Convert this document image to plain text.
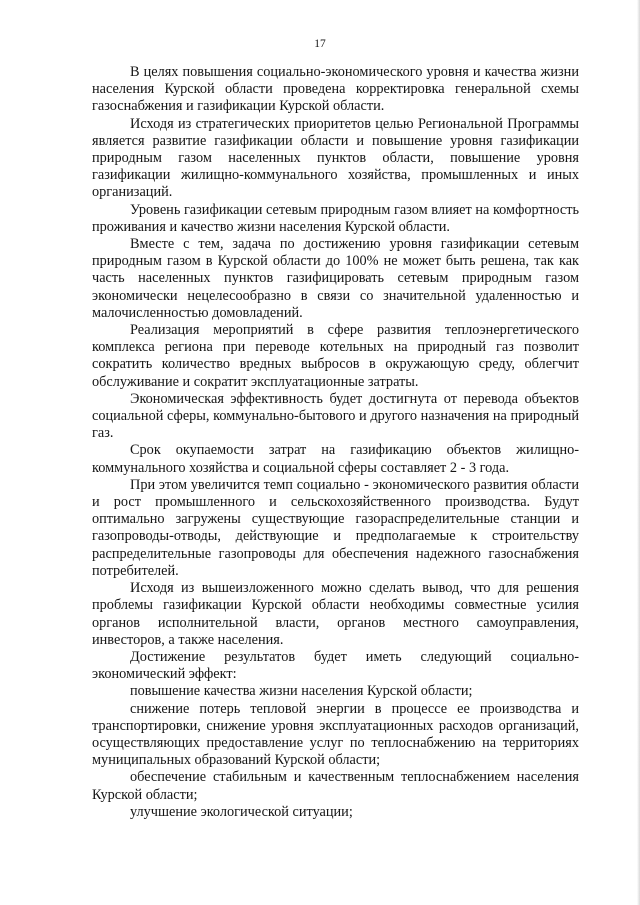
17

В целях повышения социально-экономического уровня и качества жизни населения Курской области проведена корректировка генеральной схемы газоснабжения и газификации Курской области.

Исходя из стратегических приоритетов целью Региональной Программы является развитие газификации области и повышение уровня газификации природным газом населенных пунктов области, повышение уровня газификации жилищно-коммунального хозяйства, промышленных и иных организаций.

Уровень газификации сетевым природным газом влияет на комфортность проживания и качество жизни населения Курской области.

Вместе с тем, задача по достижению уровня газификации сетевым природным газом в Курской области до 100% не может быть решена, так как часть населенных пунктов газифицировать сетевым природным газом экономически нецелесообразно в связи со значительной удаленностью и малочисленностью домовладений.

Реализация мероприятий в сфере развития теплоэнергетического комплекса региона при переводе котельных на природный газ позволит сократить количество вредных выбросов в окружающую среду, облегчит обслуживание и сократит эксплуатационные затраты.

Экономическая эффективность будет достигнута от перевода объектов социальной сферы, коммунально-бытового и другого назначения на природный газ.

Срок окупаемости затрат на газификацию объектов жилищно-коммунального хозяйства и социальной сферы составляет 2 - 3 года.

При этом увеличится темп социально - экономического развития области и рост промышленного и сельскохозяйственного производства. Будут оптимально загружены существующие газораспределительные станции и газопроводы-отводы, действующие и предполагаемые к строительству распределительные газопроводы для обеспечения надежного газоснабжения потребителей.

Исходя из вышеизложенного можно сделать вывод, что для решения проблемы газификации Курской области необходимы совместные усилия органов исполнительной власти, органов местного самоуправления, инвесторов, а также населения.

Достижение результатов будет иметь следующий социально-экономический эффект:

повышение качества жизни населения Курской области;

снижение потерь тепловой энергии в процессе ее производства и транспортировки, снижение уровня эксплуатационных расходов организаций, осуществляющих предоставление услуг по теплоснабжению на территориях муниципальных образований Курской области;

обеспечение стабильным и качественным теплоснабжением населения Курской области;

улучшение экологической ситуации;
